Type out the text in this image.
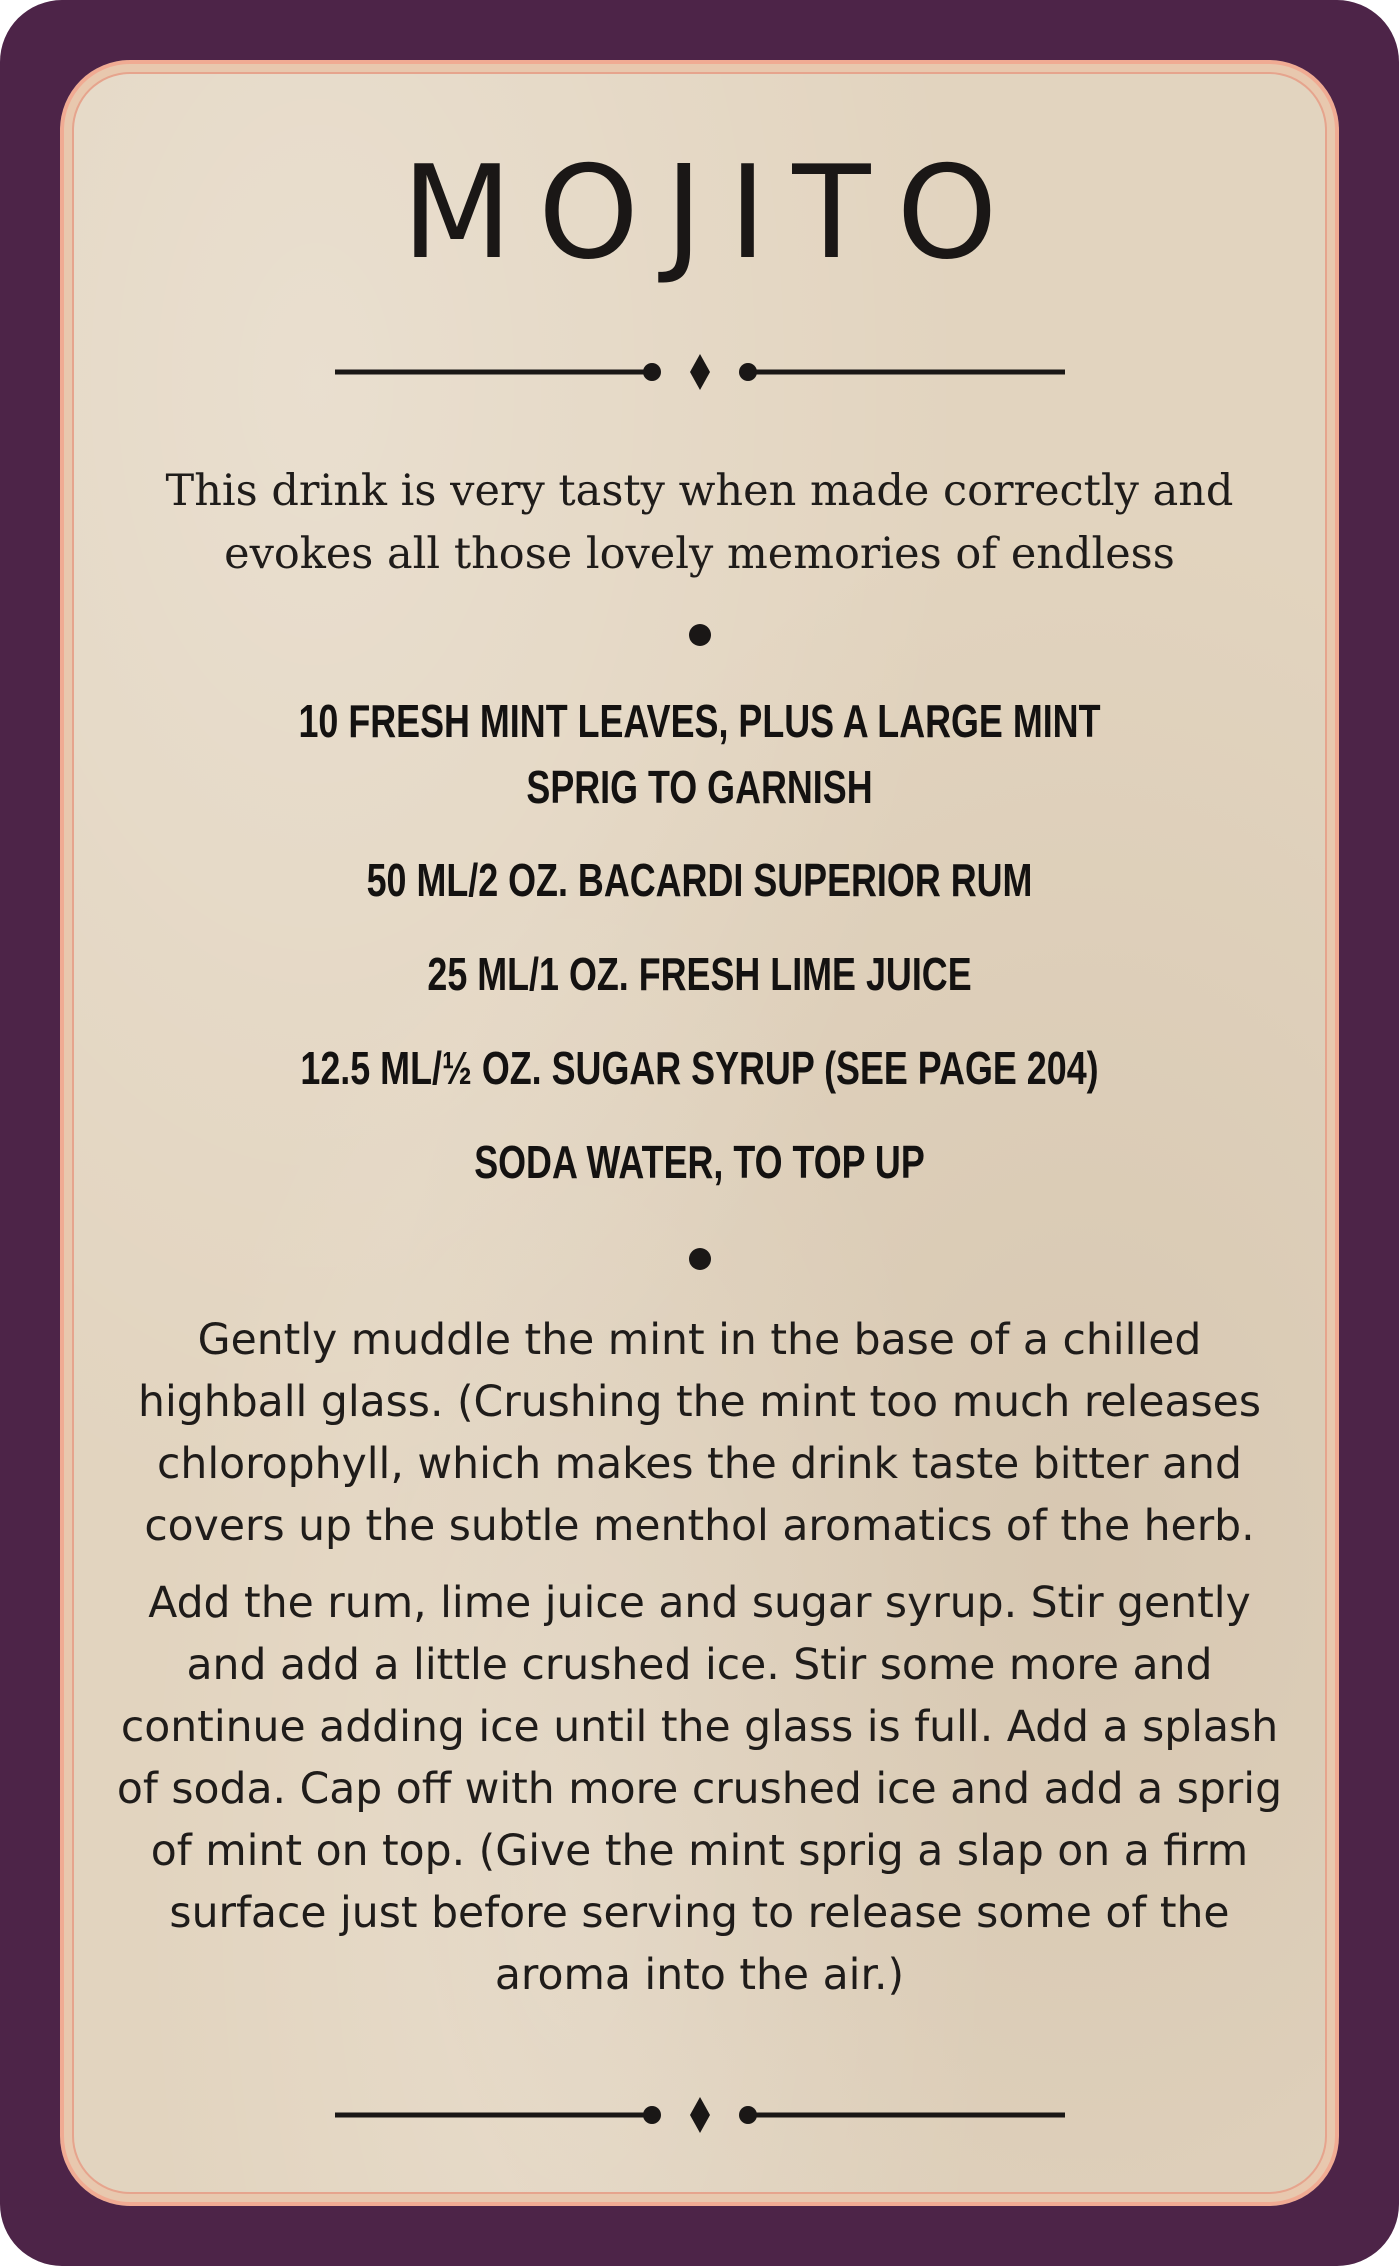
MOJITO

This drink is very tasty when made correctly and evokes all those lovely memories of endless

10 FRESH MINT LEAVES, PLUS A LARGE MINT SPRIG TO GARNISH
50 ML/2 OZ. BACARDI SUPERIOR RUM
25 ML/1 OZ. FRESH LIME JUICE
12.5 ML/½ OZ. SUGAR SYRUP (SEE PAGE 204)
SODA WATER, TO TOP UP

Gently muddle the mint in the base of a chilled highball glass. (Crushing the mint too much releases chlorophyll, which makes the drink taste bitter and covers up the subtle menthol aromatics of the herb.

Add the rum, lime juice and sugar syrup. Stir gently and add a little crushed ice. Stir some more and continue adding ice until the glass is full. Add a splash of soda. Cap off with more crushed ice and add a sprig of mint on top. (Give the mint sprig a slap on a firm surface just before serving to release some of the aroma into the air.)
